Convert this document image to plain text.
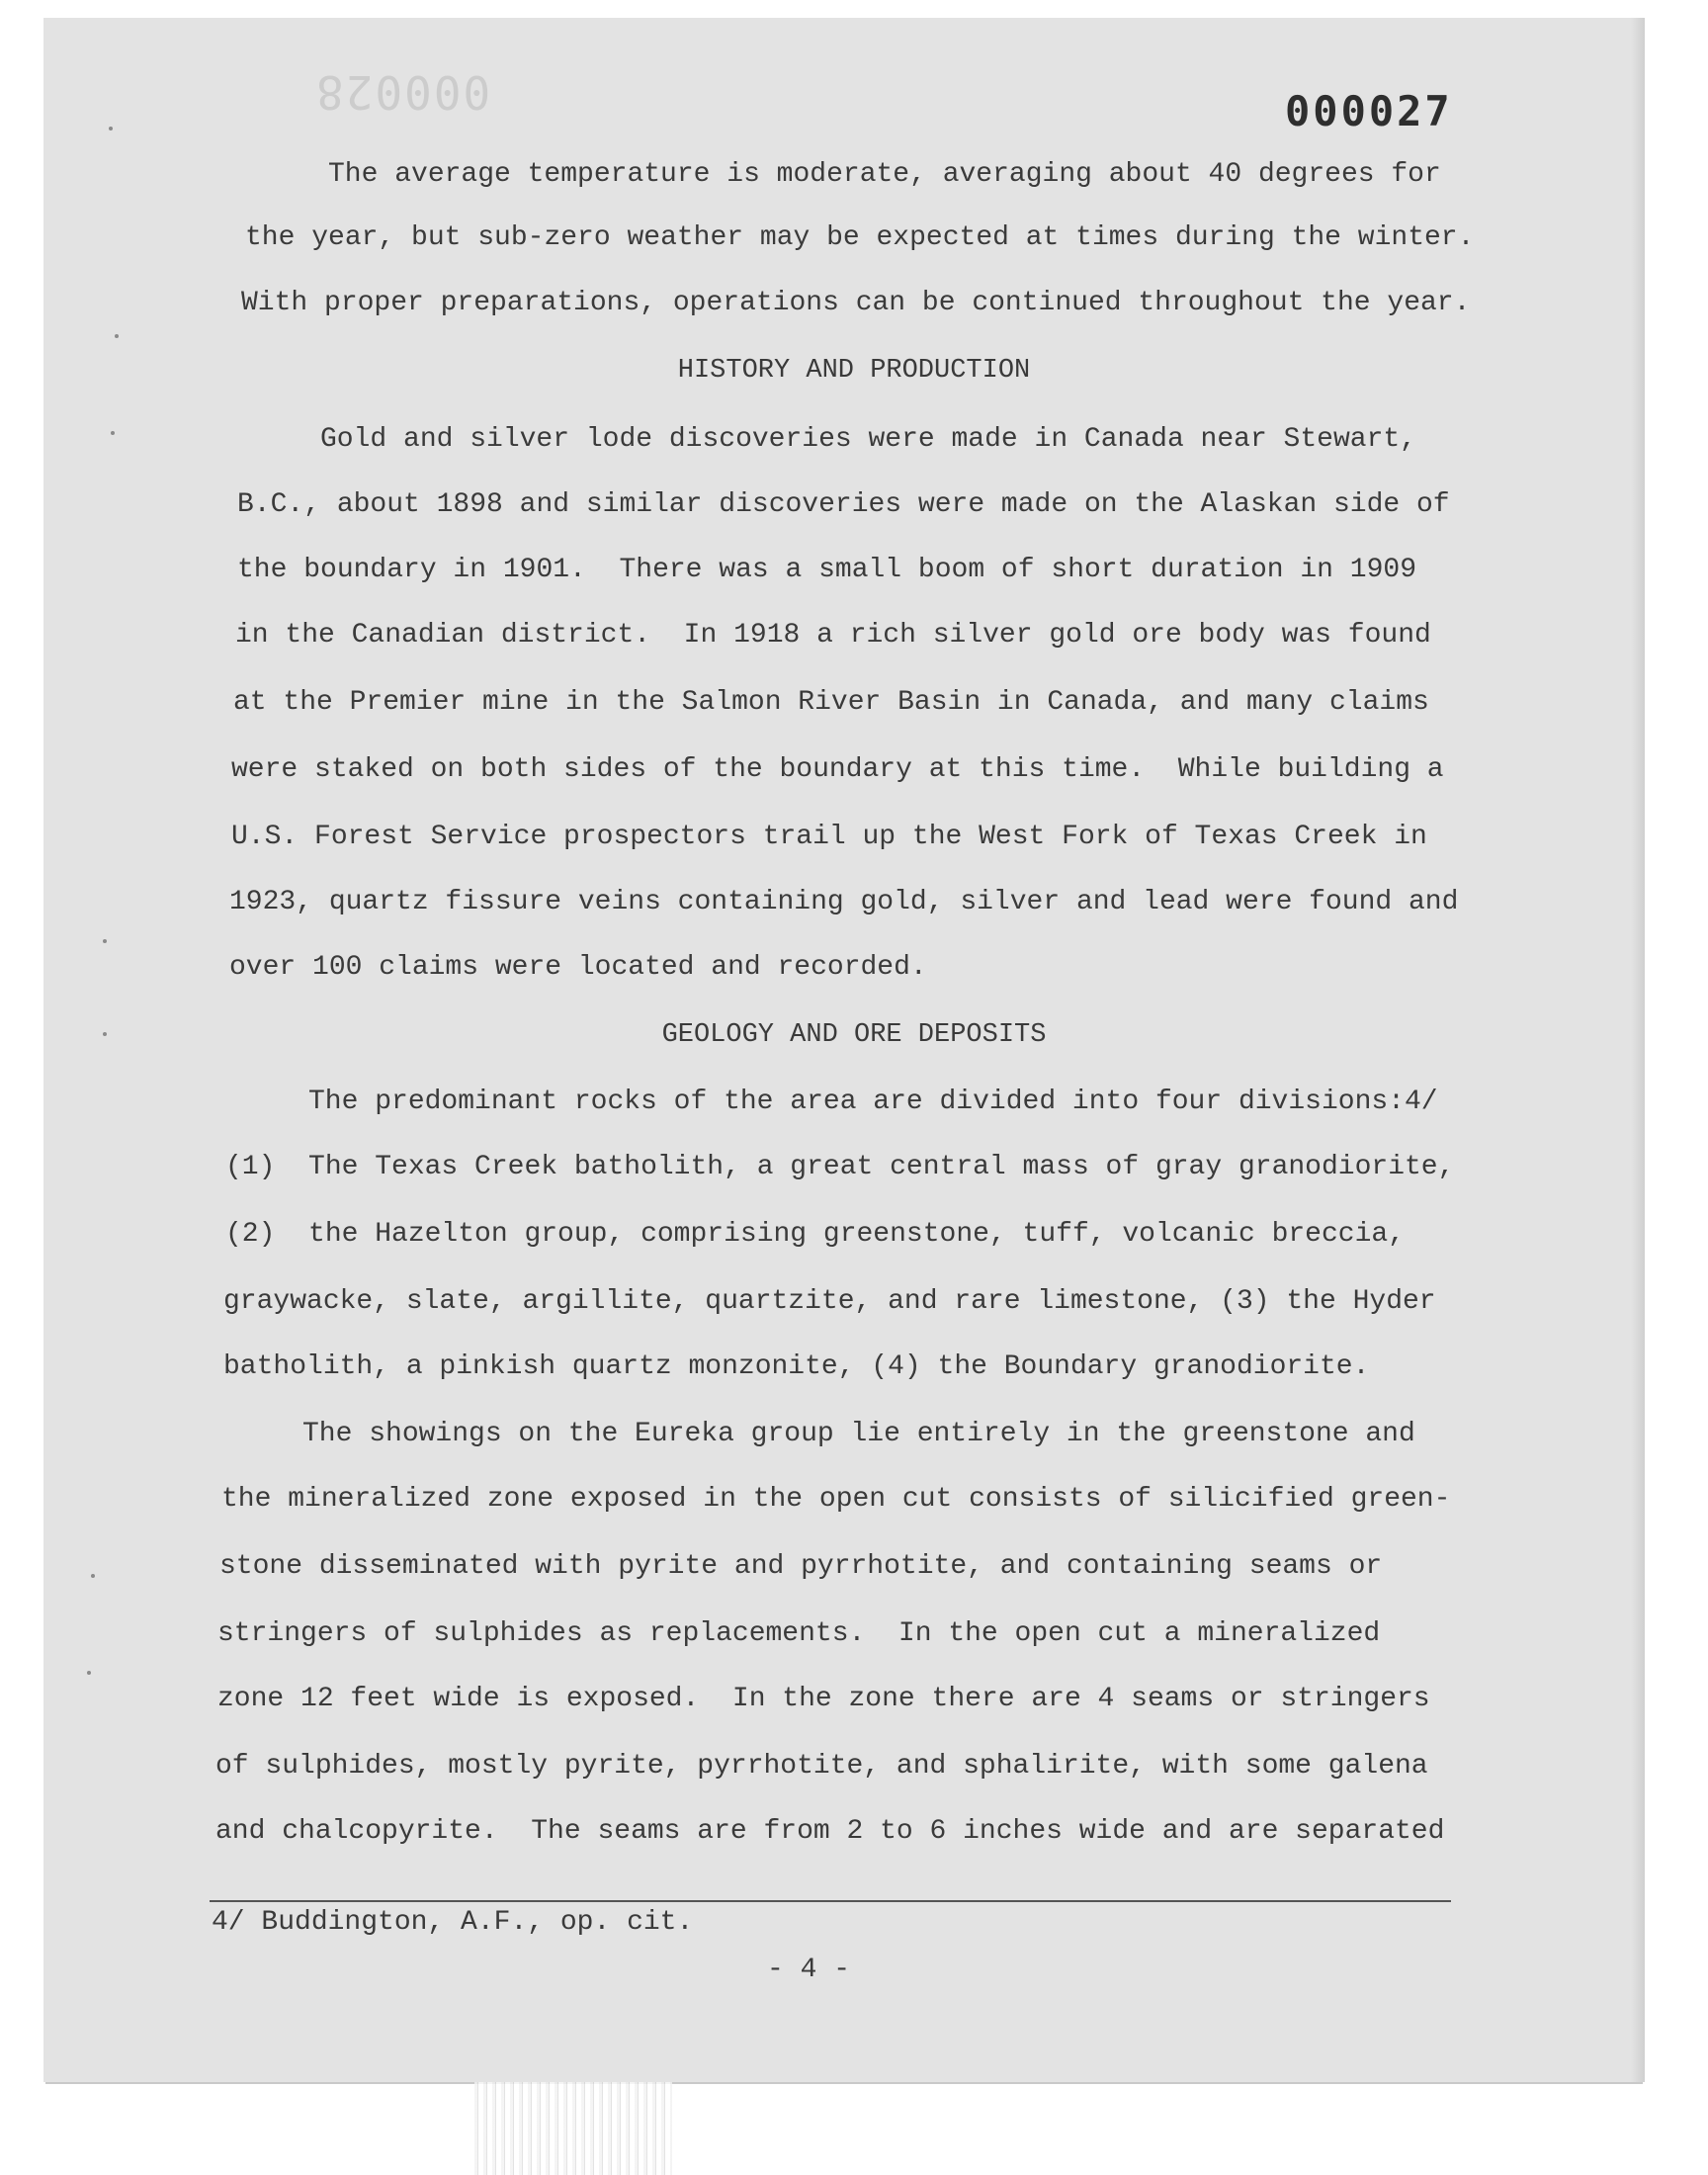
000028	000027
The average temperature is moderate, averaging about 40 degrees for
the year, but sub-zero weather may be expected at times during the winter.
With proper preparations, operations can be continued throughout the year.
HISTORY AND PRODUCTION
Gold and silver lode discoveries were made in Canada near Stewart,
B.C., about 1898 and similar discoveries were made on the Alaskan side of
the boundary in 1901.  There was a small boom of short duration in 1909
in the Canadian district.  In 1918 a rich silver gold ore body was found
at the Premier mine in the Salmon River Basin in Canada, and many claims
were staked on both sides of the boundary at this time.  While building a
U.S. Forest Service prospectors trail up the West Fork of Texas Creek in
1923, quartz fissure veins containing gold, silver and lead were found and
over 100 claims were located and recorded.
GEOLOGY AND ORE DEPOSITS
The predominant rocks of the area are divided into four divisions:4/
(1)  The Texas Creek batholith, a great central mass of gray granodiorite,
(2)  the Hazelton group, comprising greenstone, tuff, volcanic breccia,
graywacke, slate, argillite, quartzite, and rare limestone, (3) the Hyder
batholith, a pinkish quartz monzonite, (4) the Boundary granodiorite.
The showings on the Eureka group lie entirely in the greenstone and
the mineralized zone exposed in the open cut consists of silicified green-
stone disseminated with pyrite and pyrrhotite, and containing seams or
stringers of sulphides as replacements.  In the open cut a mineralized
zone 12 feet wide is exposed.  In the zone there are 4 seams or stringers
of sulphides, mostly pyrite, pyrrhotite, and sphalirite, with some galena
and chalcopyrite.  The seams are from 2 to 6 inches wide and are separated
4/ Buddington, A.F., op. cit.
- 4 -
